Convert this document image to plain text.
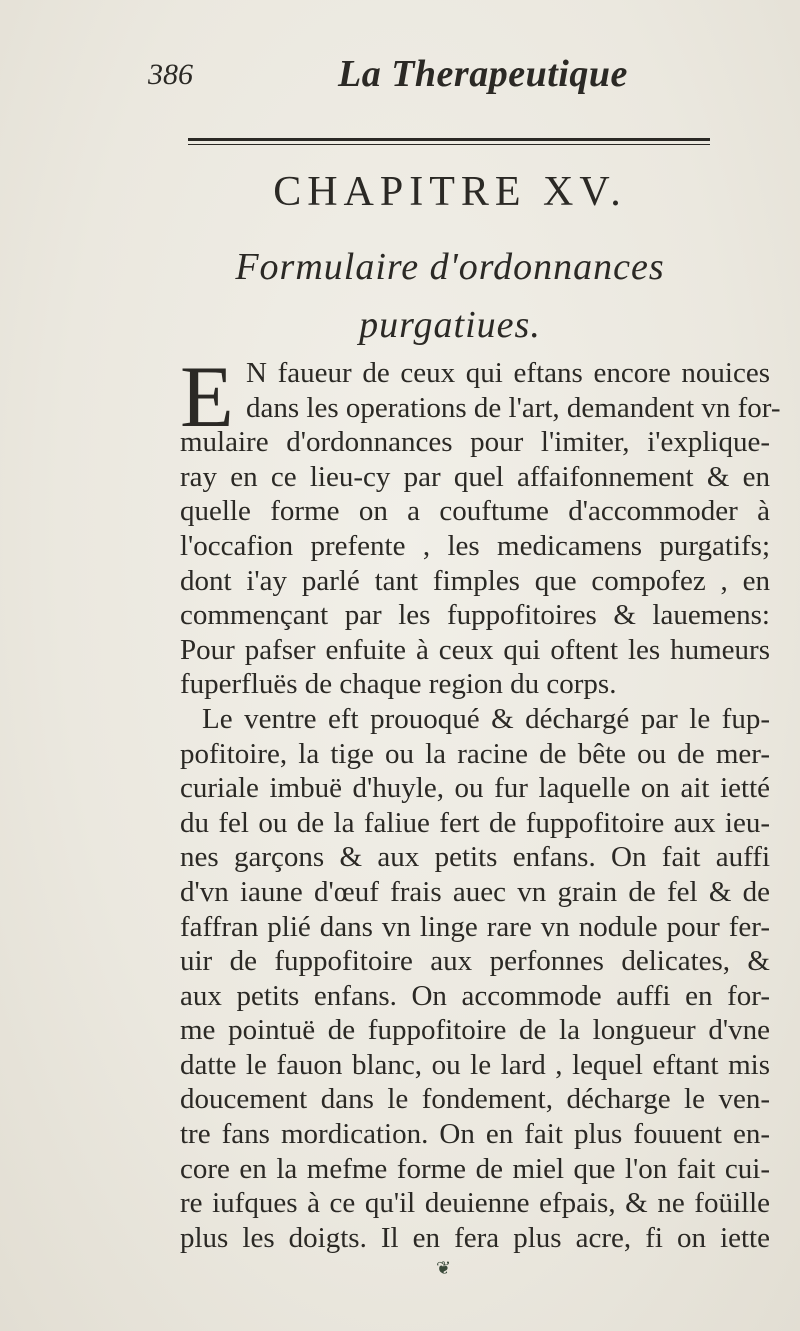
386	La Therapeutique
CHAPITRE XV.
Formulaire d'ordonnances
purgatiues.
E N faueur de ceux qui eftans encore nouices
dans les operations de l'art, demandent vn for-
mulaire d'ordonnances pour l'imiter, i'explique-
ray en ce lieu-cy par quel affaifonnement & en
quelle forme on a couftume d'accommoder à
l'occafion prefente , les medicamens purgatifs;
dont i'ay parlé tant fimples que compofez , en
commençant par les fuppofitoires & lauemens:
Pour pafser enfuite à ceux qui oftent les humeurs
fuperfluës de chaque region du corps.
Le ventre eft prouoqué & déchargé par le fup-
pofitoire, la tige ou la racine de bête ou de mer-
curiale imbuë d'huyle, ou fur laquelle on ait ietté
du fel ou de la faliue fert de fuppofitoire aux ieu-
nes garçons & aux petits enfans. On fait auffi
d'vn iaune d'œuf frais auec vn grain de fel & de
faffran plié dans vn linge rare vn nodule pour fer-
uir de fuppofitoire aux perfonnes delicates, &
aux petits enfans. On accommode auffi en for-
me pointuë de fuppofitoire de la longueur d'vne
datte le fauon blanc, ou le lard , lequel eftant mis
doucement dans le fondement, décharge le ven-
tre fans mordication. On en fait plus fouuent en-
core en la mefme forme de miel que l'on fait cui-
re iufques à ce qu'il deuienne efpais, & ne foüille
plus les doigts. Il en fera plus acre, fi on iette
❦
